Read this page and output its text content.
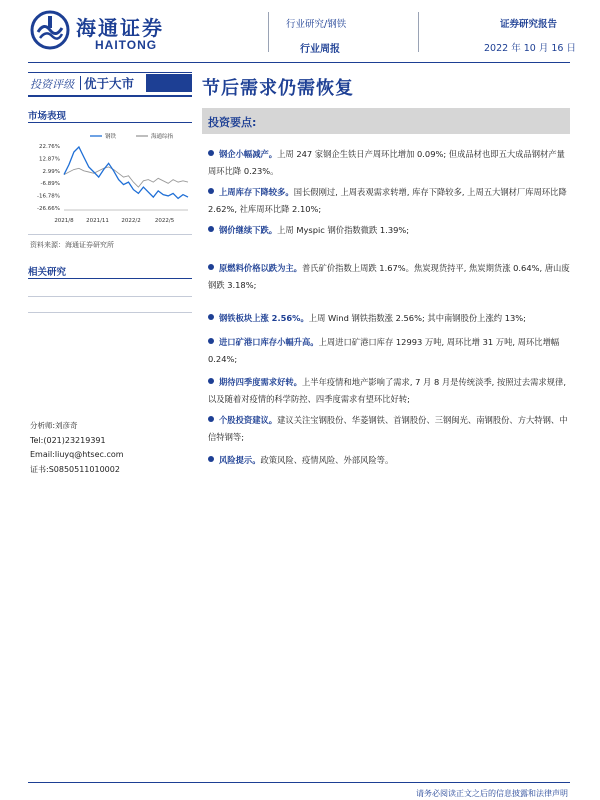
海通证券
HAITONG
行业研究/钢铁
行业周报
证券研究报告
2022 年 10 月 16 日
投资评级 优于大市
市场表现
22.76%
12.87%
2.99%
-6.89%
-16.78%
-26.66%
2021/8 2021/11 2022/2	2022/5
钢铁	海通综指
资料来源：海通证券研究所
相关研究
分析师:刘彦奇
Tel:(021)23219391
Email:liuyq@htsec.com
证书:S0850511010002
节后需求仍需恢复
投资要点:
钢企小幅减产。上周 247 家钢企生铁日产周环比增加 0.09%; 但成品材也即五大成品钢材产量周环比降 0.23%。
上周库存下降较多。国长假刚过, 上周表观需求转增, 库存下降较多, 上周五大钢材厂库周环比降 2.62%, 社库周环比降 2.10%;
钢价继续下跌。上周 Myspic 钢价指数微跌 1.39%;
原燃料价格以跌为主。普氏矿价指数上周跌 1.67%。焦炭现货持平, 焦炭期货涨 0.64%, 唐山废钢跌 3.18%;
钢铁板块上涨 2.56%。上周 Wind 钢铁指数涨 2.56%; 其中南钢股份上涨约 13%;
进口矿港口库存小幅升高。上周进口矿港口库存 12993 万吨, 周环比增 31 万吨, 周环比增幅 0.24%;
期待四季度需求好转。上半年疫情和地产影响了需求, 7 月 8 月是传统淡季, 按照过去需求规律, 以及随着对疫情的科学防控、四季度需求有望环比好转;
个股投资建议。建议关注宝钢股份、华菱钢铁、首钢股份、三钢闽光、南钢股份、方大特钢、中信特钢等;
风险提示。政策风险、疫情风险、外部风险等。
请务必阅读正文之后的信息披露和法律声明
